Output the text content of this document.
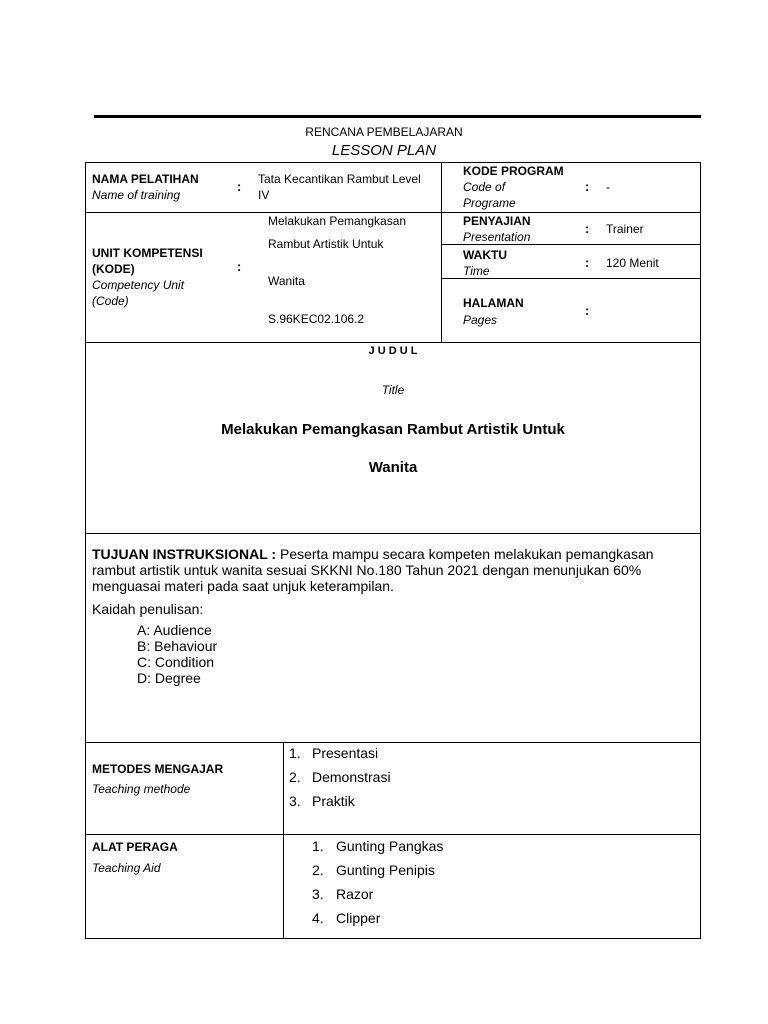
RENCANA PEMBELAJARAN
LESSON PLAN
NAMA PELATIHAN
Name of training
: Tata Kecantikan Rambut Level
IV
KODE PROGRAM
Code of
Programe
: -
UNIT KOMPETENSI
(KODE)
Competency Unit
(Code)
:
Melakukan Pemangkasan
Rambut Artistik Untuk
Wanita
S.96KEC02.106.2
PENYAJIAN
Presentation
: Trainer
WAKTU
Time
: 120 Menit
HALAMAN
Pages
:
J U D U L
Title
Melakukan Pemangkasan Rambut Artistik Untuk
Wanita
TUJUAN INSTRUKSIONAL : Peserta mampu secara kompeten melakukan pemangkasan
rambut artistik untuk wanita sesuai SKKNI No.180 Tahun 2021 dengan menunjukan 60%
menguasai materi pada saat unjuk keterampilan.
Kaidah penulisan:
A: Audience
B: Behaviour
C: Condition
D: Degree
METODES MENGAJAR
Teaching methode
1. Presentasi
2. Demonstrasi
3. Praktik
ALAT PERAGA
Teaching Aid
1. Gunting Pangkas
2. Gunting Penipis
3. Razor
4. Clipper
